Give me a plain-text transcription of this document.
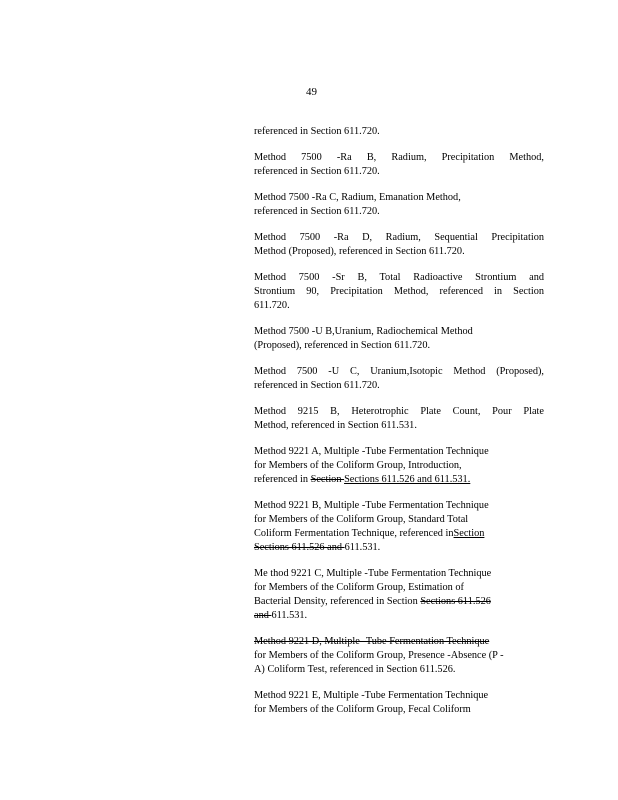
49
referenced in Section 611.720.
Method 7500 -Ra B, Radium, Precipitation Method,
referenced in Section 611.720.
Method 7500 -Ra C, Radium, Emanation Method,
referenced in Section 611.720.
Method 7500 -Ra D, Radium, Sequential Precipitation
Method (Proposed), referenced in Section 611.720.
Method 7500 -Sr B, Total Radioactive Strontium and
Strontium 90, Precipitation Method, referenced in Section
611.720.
Method 7500 -U B,Uranium, Radiochemical Method
(Proposed), referenced in Section 611.720.
Method 7500 -U C, Uranium,Isotopic Method (Proposed),
referenced in Section 611.720.
Method 9215 B, Heterotrophic Plate Count, Pour Plate
Method, referenced in Section 611.531.
Method 9221 A, Multiple -Tube Fermentation Technique
for Members of the Coliform Group, Introduction,
referenced in Section Sections 611.526 and 611.531.
Method 9221 B, Multiple -Tube Fermentation Technique
for Members of the Coliform Group, Standard Total
Coliform Fermentation Technique, referenced inSection
Sections 611.526 and 611.531.
Me thod 9221 C, Multiple -Tube Fermentation Technique
for Members of the Coliform Group, Estimation of
Bacterial Density, referenced in Section Sections 611.526
and 611.531.
Method 9221 D, Multiple -Tube Fermentation Technique
for Members of the Coliform Group, Presence -Absence (P -
A) Coliform Test, referenced in Section 611.526.
Method 9221 E, Multiple -Tube Fermentation Technique
for Members of the Coliform Group, Fecal Coliform
